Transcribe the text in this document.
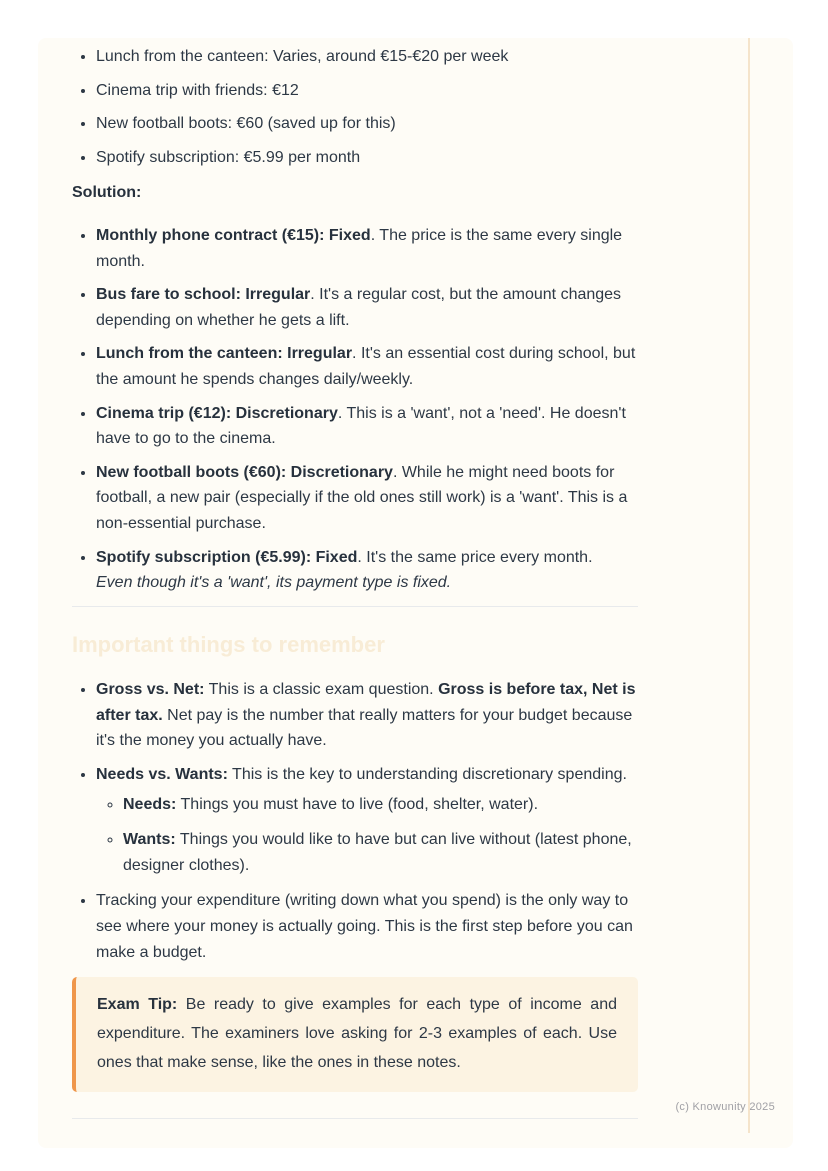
• Lunch from the canteen: Varies, around €15-€20 per week
• Cinema trip with friends: €12
• New football boots: €60 (saved up for this)
• Spotify subscription: €5.99 per month

Solution:

• Monthly phone contract (€15): Fixed. The price is the same every single month.
• Bus fare to school: Irregular. It's a regular cost, but the amount changes depending on whether he gets a lift.
• Lunch from the canteen: Irregular. It's an essential cost during school, but the amount he spends changes daily/weekly.
• Cinema trip (€12): Discretionary. This is a 'want', not a 'need'. He doesn't have to go to the cinema.
• New football boots (€60): Discretionary. While he might need boots for football, a new pair (especially if the old ones still work) is a 'want'. This is a non-essential purchase.
• Spotify subscription (€5.99): Fixed. It's the same price every month.
Even though it's a 'want', its payment type is fixed.
Important things to remember
• Gross vs. Net: This is a classic exam question. Gross is before tax, Net is after tax. Net pay is the number that really matters for your budget because it's the money you actually have.
• Needs vs. Wants: This is the key to understanding discretionary spending.
◦ Needs: Things you must have to live (food, shelter, water).
◦ Wants: Things you would like to have but can live without (latest phone, designer clothes).
• Tracking your expenditure (writing down what you spend) is the only way to see where your money is actually going. This is the first step before you can make a budget.
Exam Tip: Be ready to give examples for each type of income and expenditure. The examiners love asking for 2-3 examples of each. Use ones that make sense, like the ones in these notes.
(c) Knowunity 2025
